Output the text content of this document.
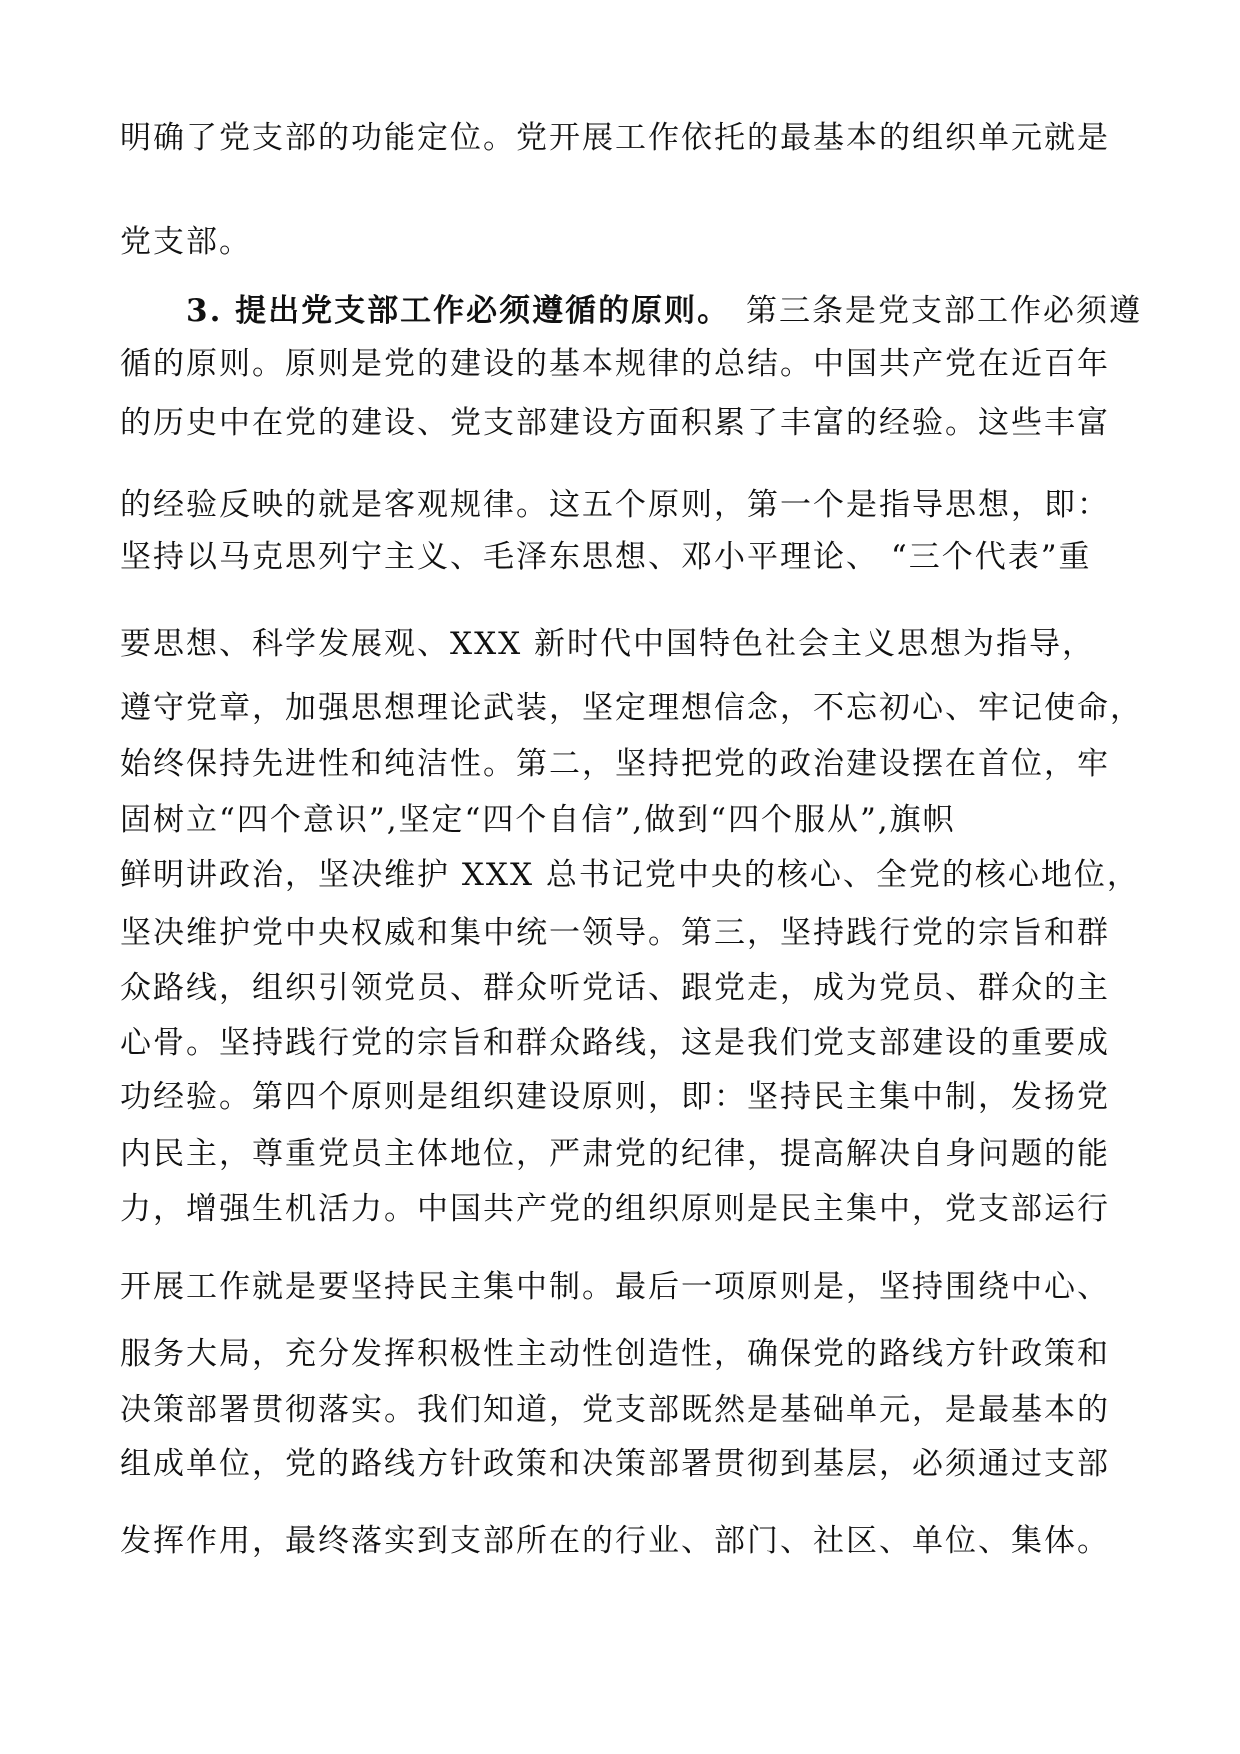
明确了党支部的功能定位。党开展工作依托的最基本的组织单元就是
党支部。
3. 提出党支部工作必须遵循的原则。 第三条是党支部工作必须遵
循的原则。原则是党的建设的基本规律的总结。中国共产党在近百年
的历史中在党的建设、党支部建设方面积累了丰富的经验。这些丰富
的经验反映的就是客观规律。这五个原则，第一个是指导思想，即：
坚持以马克思列宁主义、毛泽东思想、邓小平理论、 “三个代表”重
要思想、科学发展观、XXX 新时代中国特色社会主义思想为指导，
遵守党章，加强思想理论武装，坚定理想信念，不忘初心、牢记使命，
始终保持先进性和纯洁性。第二，坚持把党的政治建设摆在首位，牢
固树立“四个意识”,坚定“四个自信”,做到“四个服从”,旗帜
鲜明讲政治，坚决维护 XXX 总书记党中央的核心、全党的核心地位，
坚决维护党中央权威和集中统一领导。第三，坚持践行党的宗旨和群
众路线，组织引领党员、群众听党话、跟党走，成为党员、群众的主
心骨。坚持践行党的宗旨和群众路线，这是我们党支部建设的重要成
功经验。第四个原则是组织建设原则，即：坚持民主集中制，发扬党
内民主，尊重党员主体地位，严肃党的纪律，提高解决自身问题的能
力，增强生机活力。中国共产党的组织原则是民主集中，党支部运行
开展工作就是要坚持民主集中制。最后一项原则是，坚持围绕中心、
服务大局，充分发挥积极性主动性创造性，确保党的路线方针政策和
决策部署贯彻落实。我们知道，党支部既然是基础单元，是最基本的
组成单位，党的路线方针政策和决策部署贯彻到基层，必须通过支部
发挥作用，最终落实到支部所在的行业、部门、社区、单位、集体。
